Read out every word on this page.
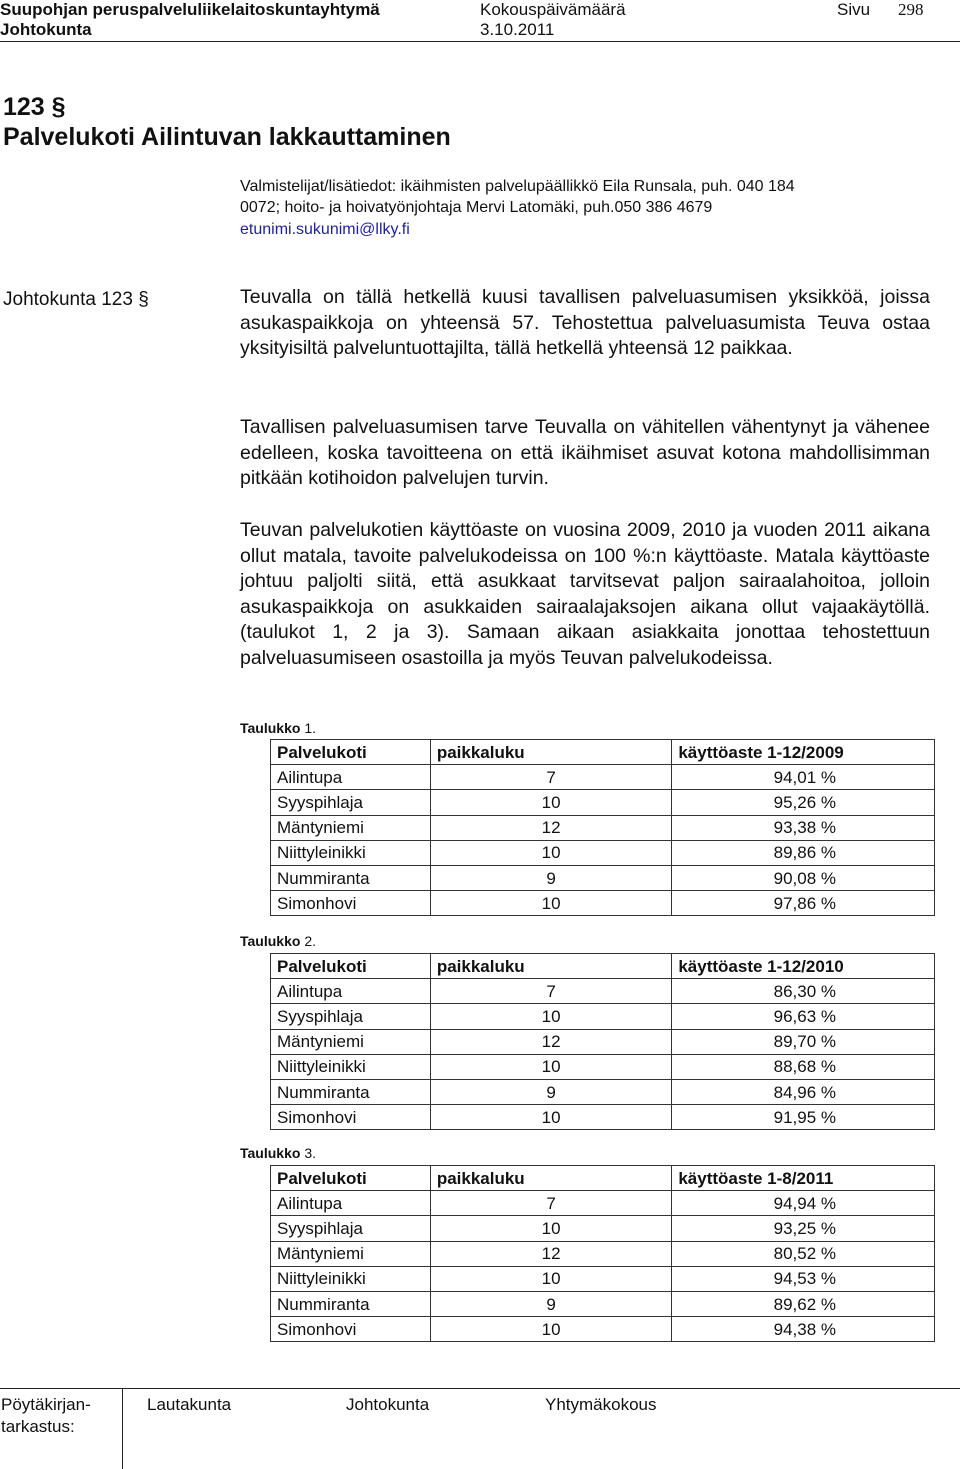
Suupohjan peruspalveluliikelaitoskuntayhtymä	Kokouspäivämäärä	Sivu 298
Johtokunta	3.10.2011
123 §
Palvelukoti Ailintuvan lakkauttaminen
Valmistelijat/lisätiedot: ikäihmisten palvelupäällikkö Eila Runsala, puh. 040 184
0072; hoito- ja hoivatyönjohtaja Mervi Latomäki, puh.050 386 4679
etunimi.sukunimi@llky.fi
Johtokunta 123 §	Teuvalla on tällä hetkellä kuusi tavallisen palveluasumisen yksikköä, joissa asukaspaikkoja on yhteensä 57. Tehostettua palveluasumista Teuva ostaa yksityisiltä palveluntuottajilta, tällä hetkellä yhteensä 12 paikkaa.
Tavallisen palveluasumisen tarve Teuvalla on vähitellen vähentynyt ja vähenee edelleen, koska tavoitteena on että ikäihmiset asuvat kotona mahdollisimman pitkään kotihoidon palvelujen turvin.
Teuvan palvelukotien käyttöaste on vuosina 2009, 2010 ja vuoden 2011 aikana ollut matala, tavoite palvelukodeissa on 100 %:n käyttöaste. Matala käyttöaste johtuu paljolti siitä, että asukkaat tarvitsevat paljon sairaalahoitoa, jolloin asukaspaikkoja on asukkaiden sairaalajaksojen aikana ollut vajaakäytöllä. (taulukot 1, 2 ja 3). Samaan aikaan asiakkaita jonottaa tehostettuun palveluasumiseen osastoilla ja myös Teuvan palvelukodeissa.
Taulukko 1.
Palvelukoti	paikkaluku	käyttöaste 1-12/2009
Ailintupa	7	94,01 %
Syyspihlaja	10	95,26 %
Mäntyniemi	12	93,38 %
Niittyleinikki	10	89,86 %
Nummiranta	9	90,08 %
Simonhovi	10	97,86 %
Taulukko 2.
Palvelukoti	paikkaluku	käyttöaste 1-12/2010
Ailintupa	7	86,30 %
Syyspihlaja	10	96,63 %
Mäntyniemi	12	89,70 %
Niittyleinikki	10	88,68 %
Nummiranta	9	84,96 %
Simonhovi	10	91,95 %
Taulukko 3.
Palvelukoti	paikkaluku	käyttöaste 1-8/2011
Ailintupa	7	94,94 %
Syyspihlaja	10	93,25 %
Mäntyniemi	12	80,52 %
Niittyleinikki	10	94,53 %
Nummiranta	9	89,62 %
Simonhovi	10	94,38 %
Pöytäkirjan-
tarkastus:
Lautakunta	Johtokunta	Yhtymäkokous
